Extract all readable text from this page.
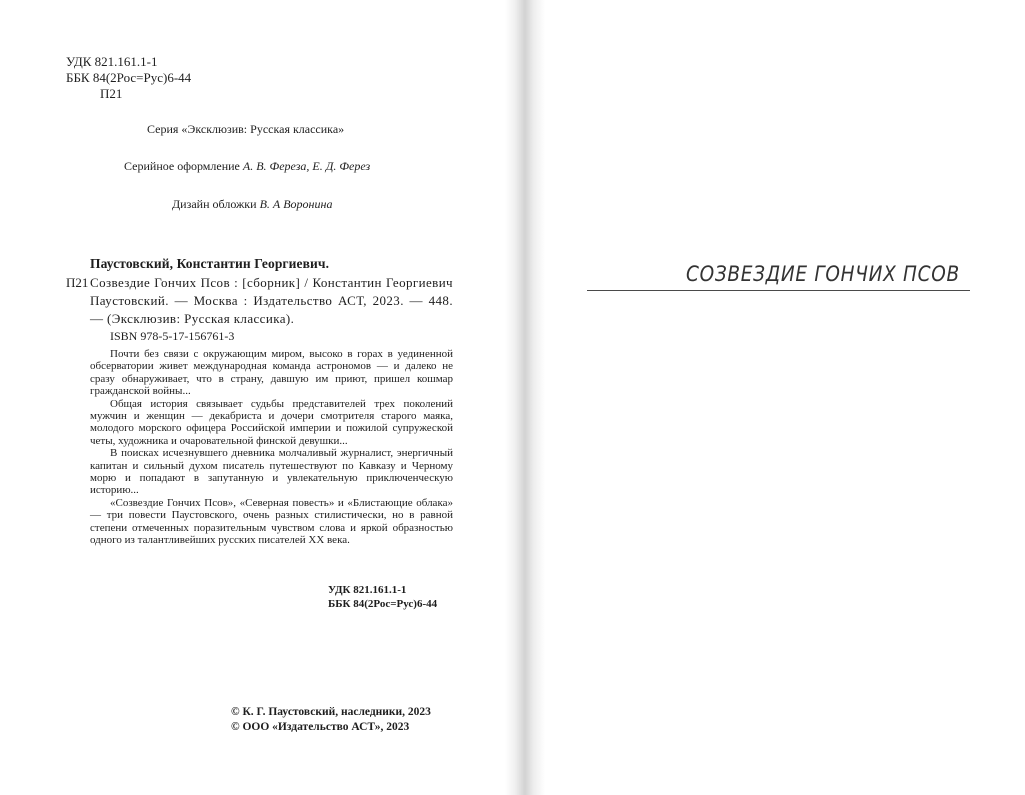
УДК 821.161.1-1
ББК 84(2Рос=Рус)6-44
П21
Серия «Эксклюзив: Русская классика»
Серийное оформление А. В. Фереза, Е. Д. Ферез
Дизайн обложки В. А Воронина
Паустовский, Константин Георгиевич.
П21 Созвездие Гончих Псов : [сборник] / Константин Георгиевич Паустовский. — Москва : Издательство АСТ, 2023. — 448. — (Эксклюзив: Русская классика).
ISBN 978-5-17-156761-3

Почти без связи с окружающим миром, высоко в горах в уединенной обсерватории живет международная команда астрономов — и далеко не сразу обнаруживает, что в страну, давшую им приют, пришел кошмар гражданской войны...

Общая история связывает судьбы представителей трех поколений мужчин и женщин — декабриста и дочери смотрителя старого маяка, молодого морского офицера Российской империи и пожилой супружеской четы, художника и очаровательной финской девушки...

В поисках исчезнувшего дневника молчаливый журналист, энергичный капитан и сильный духом писатель путешествуют по Кавказу и Черному морю и попадают в запутанную и увлекательную приключенческую историю...

«Созвездие Гончих Псов», «Северная повесть» и «Блистающие облака» — три повести Паустовского, очень разных стилистически, но в равной степени отмеченных поразительным чувством слова и яркой образностью одного из талантливейших русских писателей XX века.

УДК 821.161.1-1
ББК 84(2Рос=Рус)6-44
© К. Г. Паустовский, наследники, 2023
© ООО «Издательство АСТ», 2023
СОЗВЕЗДИЕ ГОНЧИХ ПСОВ
